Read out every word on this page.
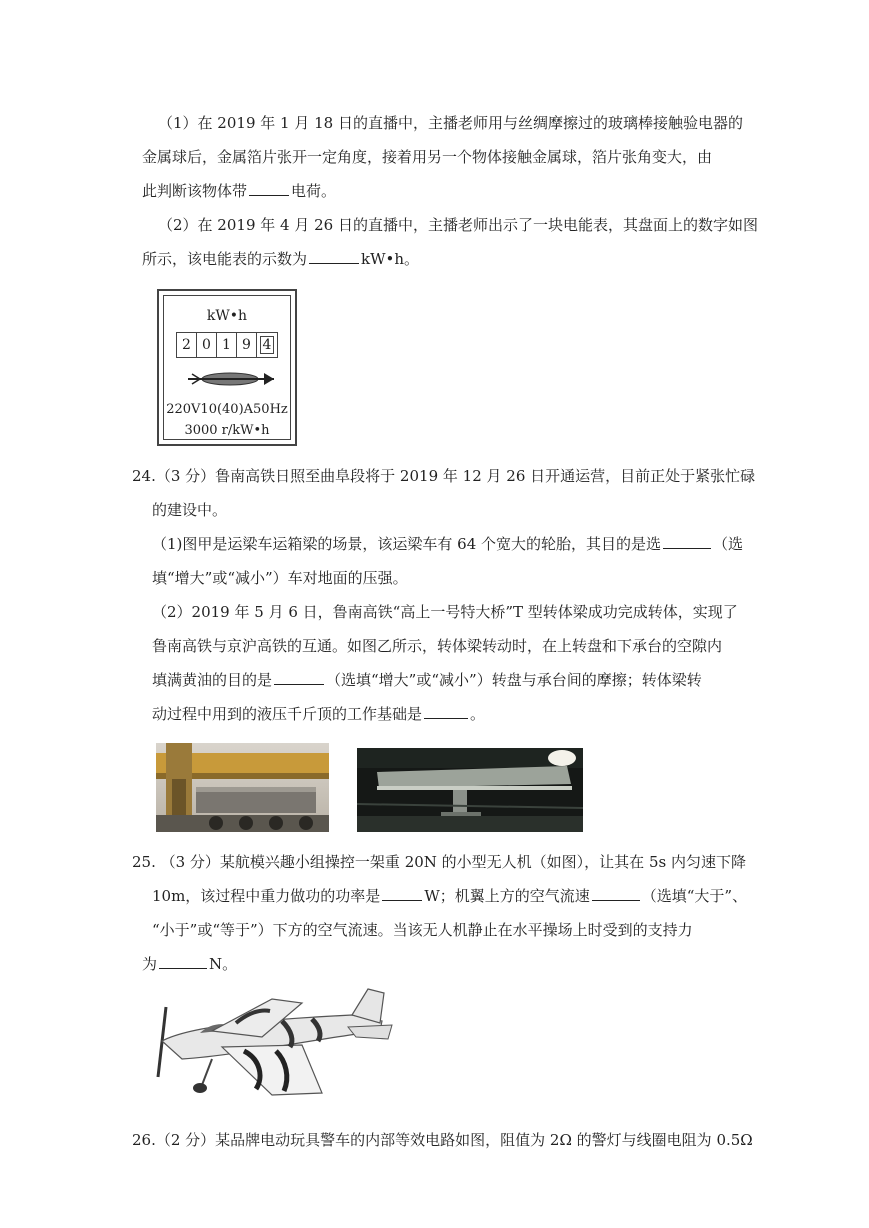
（1）在 2019 年 1 月 18 日的直播中，主播老师用与丝绸摩擦过的玻璃棒接触验电器的
金属球后，金属箔片张开一定角度，接着用另一个物体接触金属球，箔片张角变大，由
此判断该物体带	电荷。
（2）在 2019 年 4 月 26 日的直播中，主播老师出示了一块电能表，其盘面上的数字如图
所示，该电能表的示数为	kW•h。
kW•h
2 0 1 9 4
220V10(40)A50Hz
3000 r/kW•h
24.（3 分）鲁南高铁日照至曲阜段将于 2019 年 12 月 26 日开通运营，目前正处于紧张忙碌
的建设中。
（1)图甲是运梁车运箱梁的场景，该运梁车有 64 个宽大的轮胎，其目的是选	（选
填“增大”或“减小”）车对地面的压强。
（2）2019 年 5 月 6 日，鲁南高铁“高上一号特大桥”T 型转体梁成功完成转体，实现了
鲁南高铁与京沪高铁的互通。如图乙所示，转体梁转动时，在上转盘和下承台的空隙内
填满黄油的目的是	（选填“增大”或“减小”）转盘与承台间的摩擦；转体梁转
动过程中用到的液压千斤顶的工作基础是	。
25. （3 分）某航模兴趣小组操控一架重 20N 的小型无人机（如图），让其在 5s 内匀速下降
10m，该过程中重力做功的功率是	W；机翼上方的空气流速	（选填“大于”、
“小于”或“等于”）下方的空气流速。当该无人机静止在水平操场上时受到的支持力
为	N。
26.（2 分）某品牌电动玩具警车的内部等效电路如图，阻值为 2Ω 的警灯与线圈电阻为 0.5Ω
